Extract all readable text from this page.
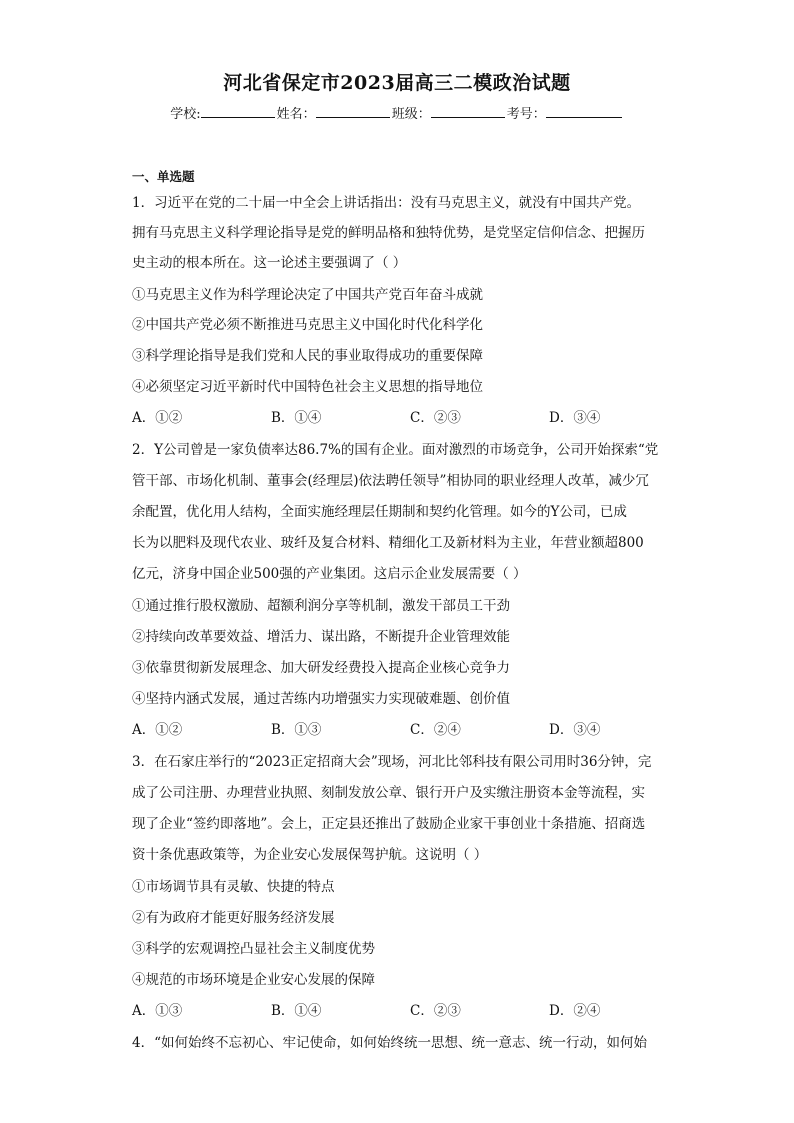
河北省保定市2023届高三二模政治试题
学校:	姓名：	班级：	考号：
一、单选题
1．习近平在党的二十届一中全会上讲话指出：没有马克思主义，就没有中国共产党。
拥有马克思主义科学理论指导是党的鲜明品格和独特优势，是党坚定信仰信念、把握历
史主动的根本所在。这一论述主要强调了（ ）
①马克思主义作为科学理论决定了中国共产党百年奋斗成就
②中国共产党必须不断推进马克思主义中国化时代化科学化
③科学理论指导是我们党和人民的事业取得成功的重要保障
④必须坚定习近平新时代中国特色社会主义思想的指导地位
A．①②	B．①④	C．②③	D．③④
2．Y公司曾是一家负债率达86.7%的国有企业。面对激烈的市场竞争，公司开始探索“党
管干部、市场化机制、董事会(经理层)依法聘任领导”相协同的职业经理人改革，减少冗
余配置，优化用人结构，全面实施经理层任期制和契约化管理。如今的Y公司，已成
长为以肥料及现代农业、玻纤及复合材料、精细化工及新材料为主业，年营业额超800
亿元，济身中国企业500强的产业集团。这启示企业发展需要（ ）
①通过推行股权激励、超额利润分享等机制，激发干部员工干劲
②持续向改革要效益、增活力、谋出路，不断提升企业管理效能
③依靠贯彻新发展理念、加大研发经费投入提高企业核心竞争力
④坚持内涵式发展，通过苦练内功增强实力实现破难题、创价值
A．①②	B．①③	C．②④	D．③④
3．在石家庄举行的“2023正定招商大会”现场，河北比邻科技有限公司用时36分钟，完
成了公司注册、办理营业执照、刻制发放公章、银行开户及实缴注册资本金等流程，实
现了企业“签约即落地”。会上，正定县还推出了鼓励企业家干事创业十条措施、招商选
资十条优惠政策等，为企业安心发展保驾护航。这说明（ ）
①市场调节具有灵敏、快捷的特点
②有为政府才能更好服务经济发展
③科学的宏观调控凸显社会主义制度优势
④规范的市场环境是企业安心发展的保障
A．①③	B．①④	C．②③	D．②④
4．“如何始终不忘初心、牢记使命，如何始终统一思想、统一意志、统一行动，如何始
